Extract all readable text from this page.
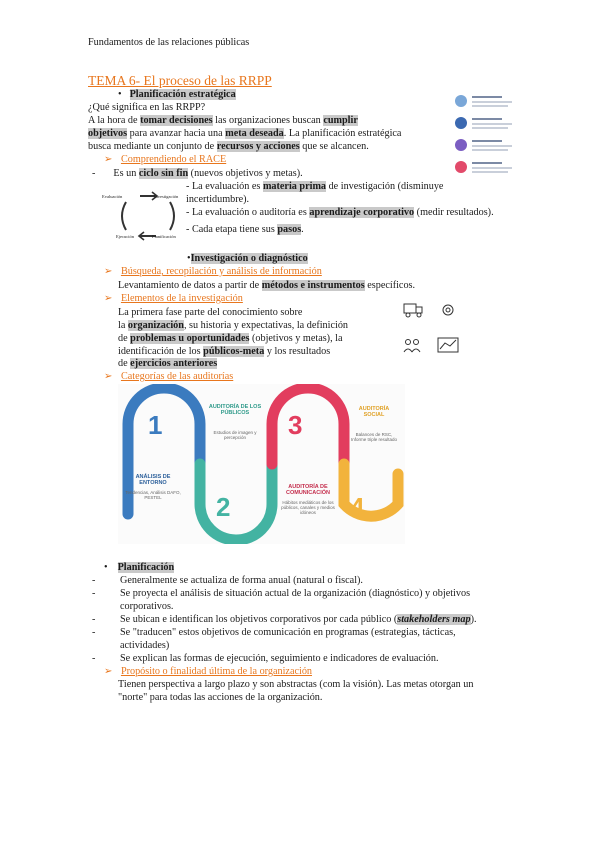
Fundamentos de las relaciones públicas
TEMA 6- El proceso de las RRPP
• Planificación estratégica
¿Qué significa en las RRPP?
A la hora de tomar decisiones las organizaciones buscan cumplir
objetivos para avanzar hacia una meta deseada. La planificación estratégica
busca mediante un conjunto de recursos y acciones que se alcancen.
➢ Comprendiendo el RACE
- Es un ciclo sin fin (nuevos objetivos y metas).
Evaluación	Investigación
Ejecución	Planificación
- La evaluación es materia prima de investigación (disminuye
incertidumbre).
- La evaluación o auditoría es aprendizaje corporativo (medir resultados).
- Cada etapa tiene sus pasos.
•Investigación o diagnóstico
➢ Búsqueda, recopilación y análisis de información
Levantamiento de datos a partir de métodos e instrumentos específicos.
➢ Elementos de la investigación
La primera fase parte del conocimiento sobre
la organización, su historia y expectativas, la definición
de problemas u oportunidades (objetivos y metas), la
identificación de los públicos-meta y los resultados
de ejercicios anteriores
➢ Categorías de las auditorías
1
2
3
4
ANÁLISIS DE ENTORNO
Tendencias, Análisis DAFO, PESTEL
AUDITORÍA DE LOS PÚBLICOS
Estudios de imagen y percepción
AUDITORÍA DE COMUNICACIÓN
Hábitos mediáticos de los públicos, canales y medios idóneos
AUDITORÍA SOCIAL
Balances de RSC, Informe triple resultado
• Planificación
- Generalmente se actualiza de forma anual (natural o fiscal).
- Se proyecta el análisis de situación actual de la organización (diagnóstico) y objetivos
corporativos.
- Se ubican e identifican los objetivos corporativos por cada público (stakeholders map).
- Se "traducen" estos objetivos de comunicación en programas (estrategias, tácticas,
actividades)
- Se explican las formas de ejecución, seguimiento e indicadores de evaluación.
➢ Propósito o finalidad última de la organización
Tienen perspectiva a largo plazo y son abstractas (com la visión). Las metas otorgan un
"norte" para todas las acciones de la organización.
